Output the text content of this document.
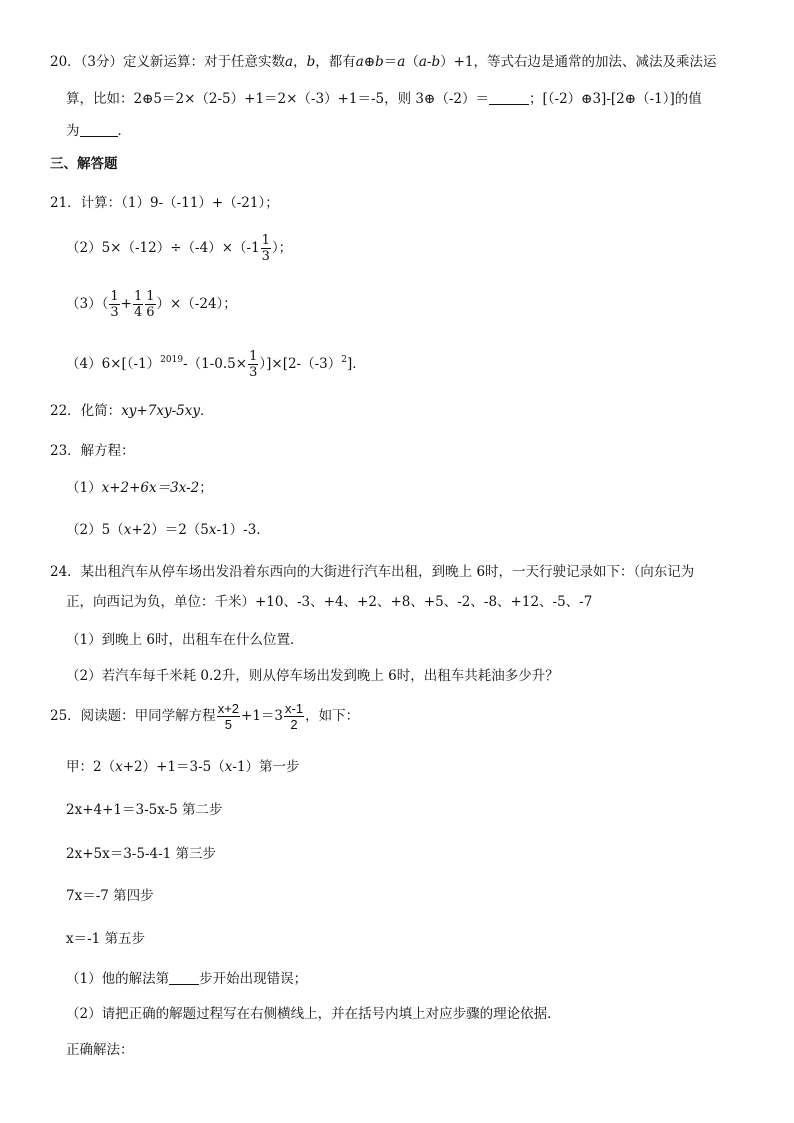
20．（3分）定义新运算：对于任意实数a，b，都有a⊕b＝a（a-b）+1，等式右边是通常的加法、减法及乘法运
算，比如：2⊕5＝2×（2-5）+1＝2×（-3）+1＝-5，则 3⊕（-2）＝	；[（-2）⊕3]-[2⊕（-1）]的值
为	．
三、解答题
21．计算：（1）9-（-11）+（-21）；
$(2)5\times(-12)\div(-4)\times(-1 \frac{1}{3}$ ）；
$(3)( \frac{1}{3} + \frac{1}{4} \frac{1}{6} )\times(-24)$；
$(4)6\times[(-1)^{2019}-(1-0.5\times \frac{1}{3} )]\times[2-(-3)^2]$．
22．化简：xy+7xy-5xy．
23．解方程：
（1）x+2+6x＝3x-2；
（2）5（x+2）＝2（5x-1）-3．
24．某出租汽车从停车场出发沿着东西向的大街进行汽车出租，到晚上 6时，一天行驶记录如下：（向东记为
正，向西记为负，单位：千米）+10、-3、+4、+2、+8、+5、-2、-8、+12、-5、-7
（1）到晚上 6时，出租车在什么位置．
（2）若汽车每千米耗 0.2升，则从停车场出发到晚上 6时，出租车共耗油多少升？
25．阅读题：甲同学解方程 $\frac{x+2}{5} +1=3 \frac{x-1}{2}$ ，如下：
甲：2（x+2）+1＝3-5（x-1）第一步
2x+4+1＝3-5x-5 第二步
2x+5x＝3-5-4-1 第三步
7x＝-7 第四步
x＝-1 第五步
（1）他的解法第 步开始出现错误；
（2）请把正确的解题过程写在右侧横线上，并在括号内填上对应步骤的理论依据．
正确解法：
